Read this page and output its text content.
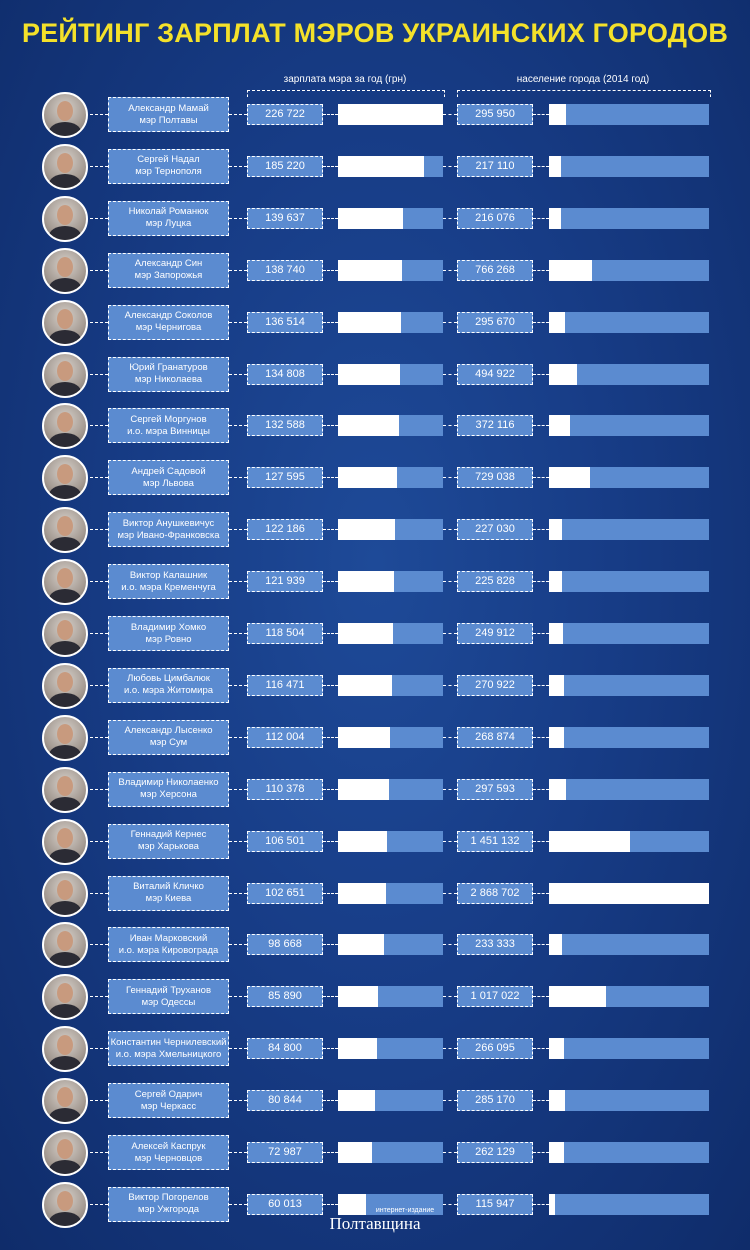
РЕЙТИНГ ЗАРПЛАТ МЭРОВ УКРАИНСКИХ ГОРОДОВ
зарплата мэра за год (грн)	население города (2014 год)
Александр Мамай
мэр Полтавы	226 722	295 950
Сергей Надал
мэр Тернополя	185 220	217 110
Николай Романюк
мэр Луцка	139 637	216 076
Александр Син
мэр Запорожья	138 740	766 268
Александр Соколов
мэр Чернигова	136 514	295 670
Юрий Гранатуров
мэр Николаева	134 808	494 922
Сергей Моргунов
и.о. мэра Винницы	132 588	372 116
Андрей Садовой
мэр Львова	127 595	729 038
Виктор Анушкевичус
мэр Ивано-Франковска	122 186	227 030
Виктор Калашник
и.о. мэра Кременчуга	121 939	225 828
Владимир Хомко
мэр Ровно	118 504	249 912
Любовь Цимбалюк
и.о. мэра Житомира	116 471	270 922
Александр Лысенко
мэр Сум	112 004	268 874
Владимир Николаенко
мэр Херсона	110 378	297 593
Геннадий Кернес
мэр Харькова	106 501	1 451 132
Виталий Кличко
мэр Киева	102 651	2 868 702
Иван Марковский
и.о. мэра Кировограда	98 668	233 333
Геннадий Труханов
мэр Одессы	85 890	1 017 022
Константин Чернилевский
и.о. мэра Хмельницкого	84 800	266 095
Сергей Одарич
мэр Черкасс	80 844	285 170
Алексей Каспрук
мэр Черновцов	72 987	262 129
Виктор Погорелов
мэр Ужгорода	60 013	115 947
интернет-издание
Полтавщина
